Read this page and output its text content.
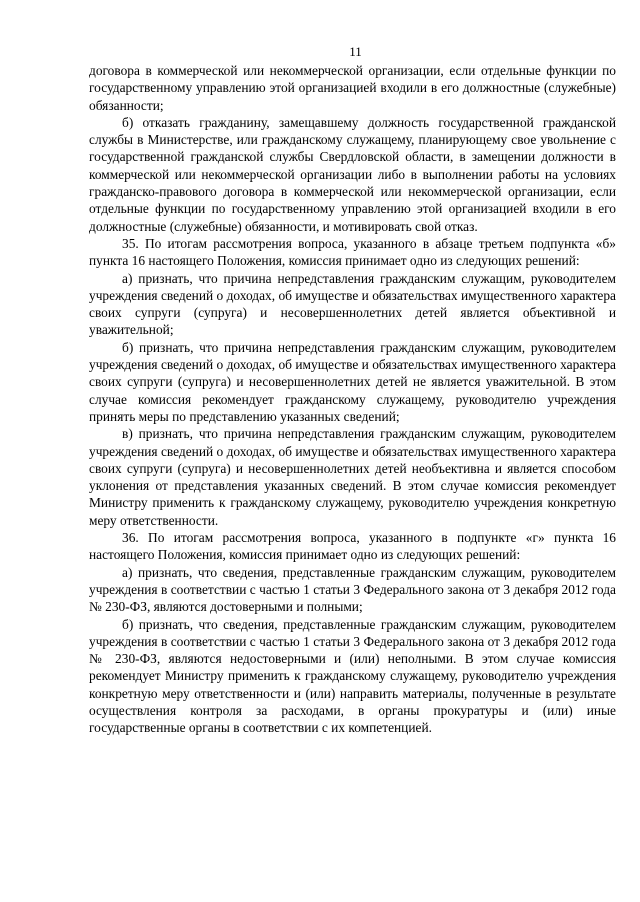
11

договора в коммерческой или некоммерческой организации, если отдельные функции по государственному управлению этой организацией входили в его должностные (служебные) обязанности;

б) отказать гражданину, замещавшему должность государственной гражданской службы в Министерстве, или гражданскому служащему, планирующему свое увольнение с государственной гражданской службы Свердловской области, в замещении должности в коммерческой или некоммерческой организации либо в выполнении работы на условиях гражданско-правового договора в коммерческой или некоммерческой организации, если отдельные функции по государственному управлению этой организацией входили в его должностные (служебные) обязанности, и мотивировать свой отказ.

35. По итогам рассмотрения вопроса, указанного в абзаце третьем подпункта «б» пункта 16 настоящего Положения, комиссия принимает одно из следующих решений:

а) признать, что причина непредставления гражданским служащим, руководителем учреждения сведений о доходах, об имуществе и обязательствах имущественного характера своих супруги (супруга) и несовершеннолетних детей является объективной и уважительной;

б) признать, что причина непредставления гражданским служащим, руководителем учреждения сведений о доходах, об имуществе и обязательствах имущественного характера своих супруги (супруга) и несовершеннолетних детей не является уважительной. В этом случае комиссия рекомендует гражданскому служащему, руководителю учреждения принять меры по представлению указанных сведений;

в) признать, что причина непредставления гражданским служащим, руководителем учреждения сведений о доходах, об имуществе и обязательствах имущественного характера своих супруги (супруга) и несовершеннолетних детей необъективна и является способом уклонения от представления указанных сведений. В этом случае комиссия рекомендует Министру применить к гражданскому служащему, руководителю учреждения конкретную меру ответственности.

36. По итогам рассмотрения вопроса, указанного в подпункте «г» пункта 16 настоящего Положения, комиссия принимает одно из следующих решений:

а) признать, что сведения, представленные гражданским служащим, руководителем учреждения в соответствии с частью 1 статьи 3 Федерального закона от 3 декабря 2012 года № 230-ФЗ, являются достоверными и полными;

б) признать, что сведения, представленные гражданским служащим, руководителем учреждения в соответствии с частью 1 статьи 3 Федерального закона от 3 декабря 2012 года № 230-ФЗ, являются недостоверными и (или) неполными. В этом случае комиссия рекомендует Министру применить к гражданскому служащему, руководителю учреждения конкретную меру ответственности и (или) направить материалы, полученные в результате осуществления контроля за расходами, в органы прокуратуры и (или) иные государственные органы в соответствии с их компетенцией.
